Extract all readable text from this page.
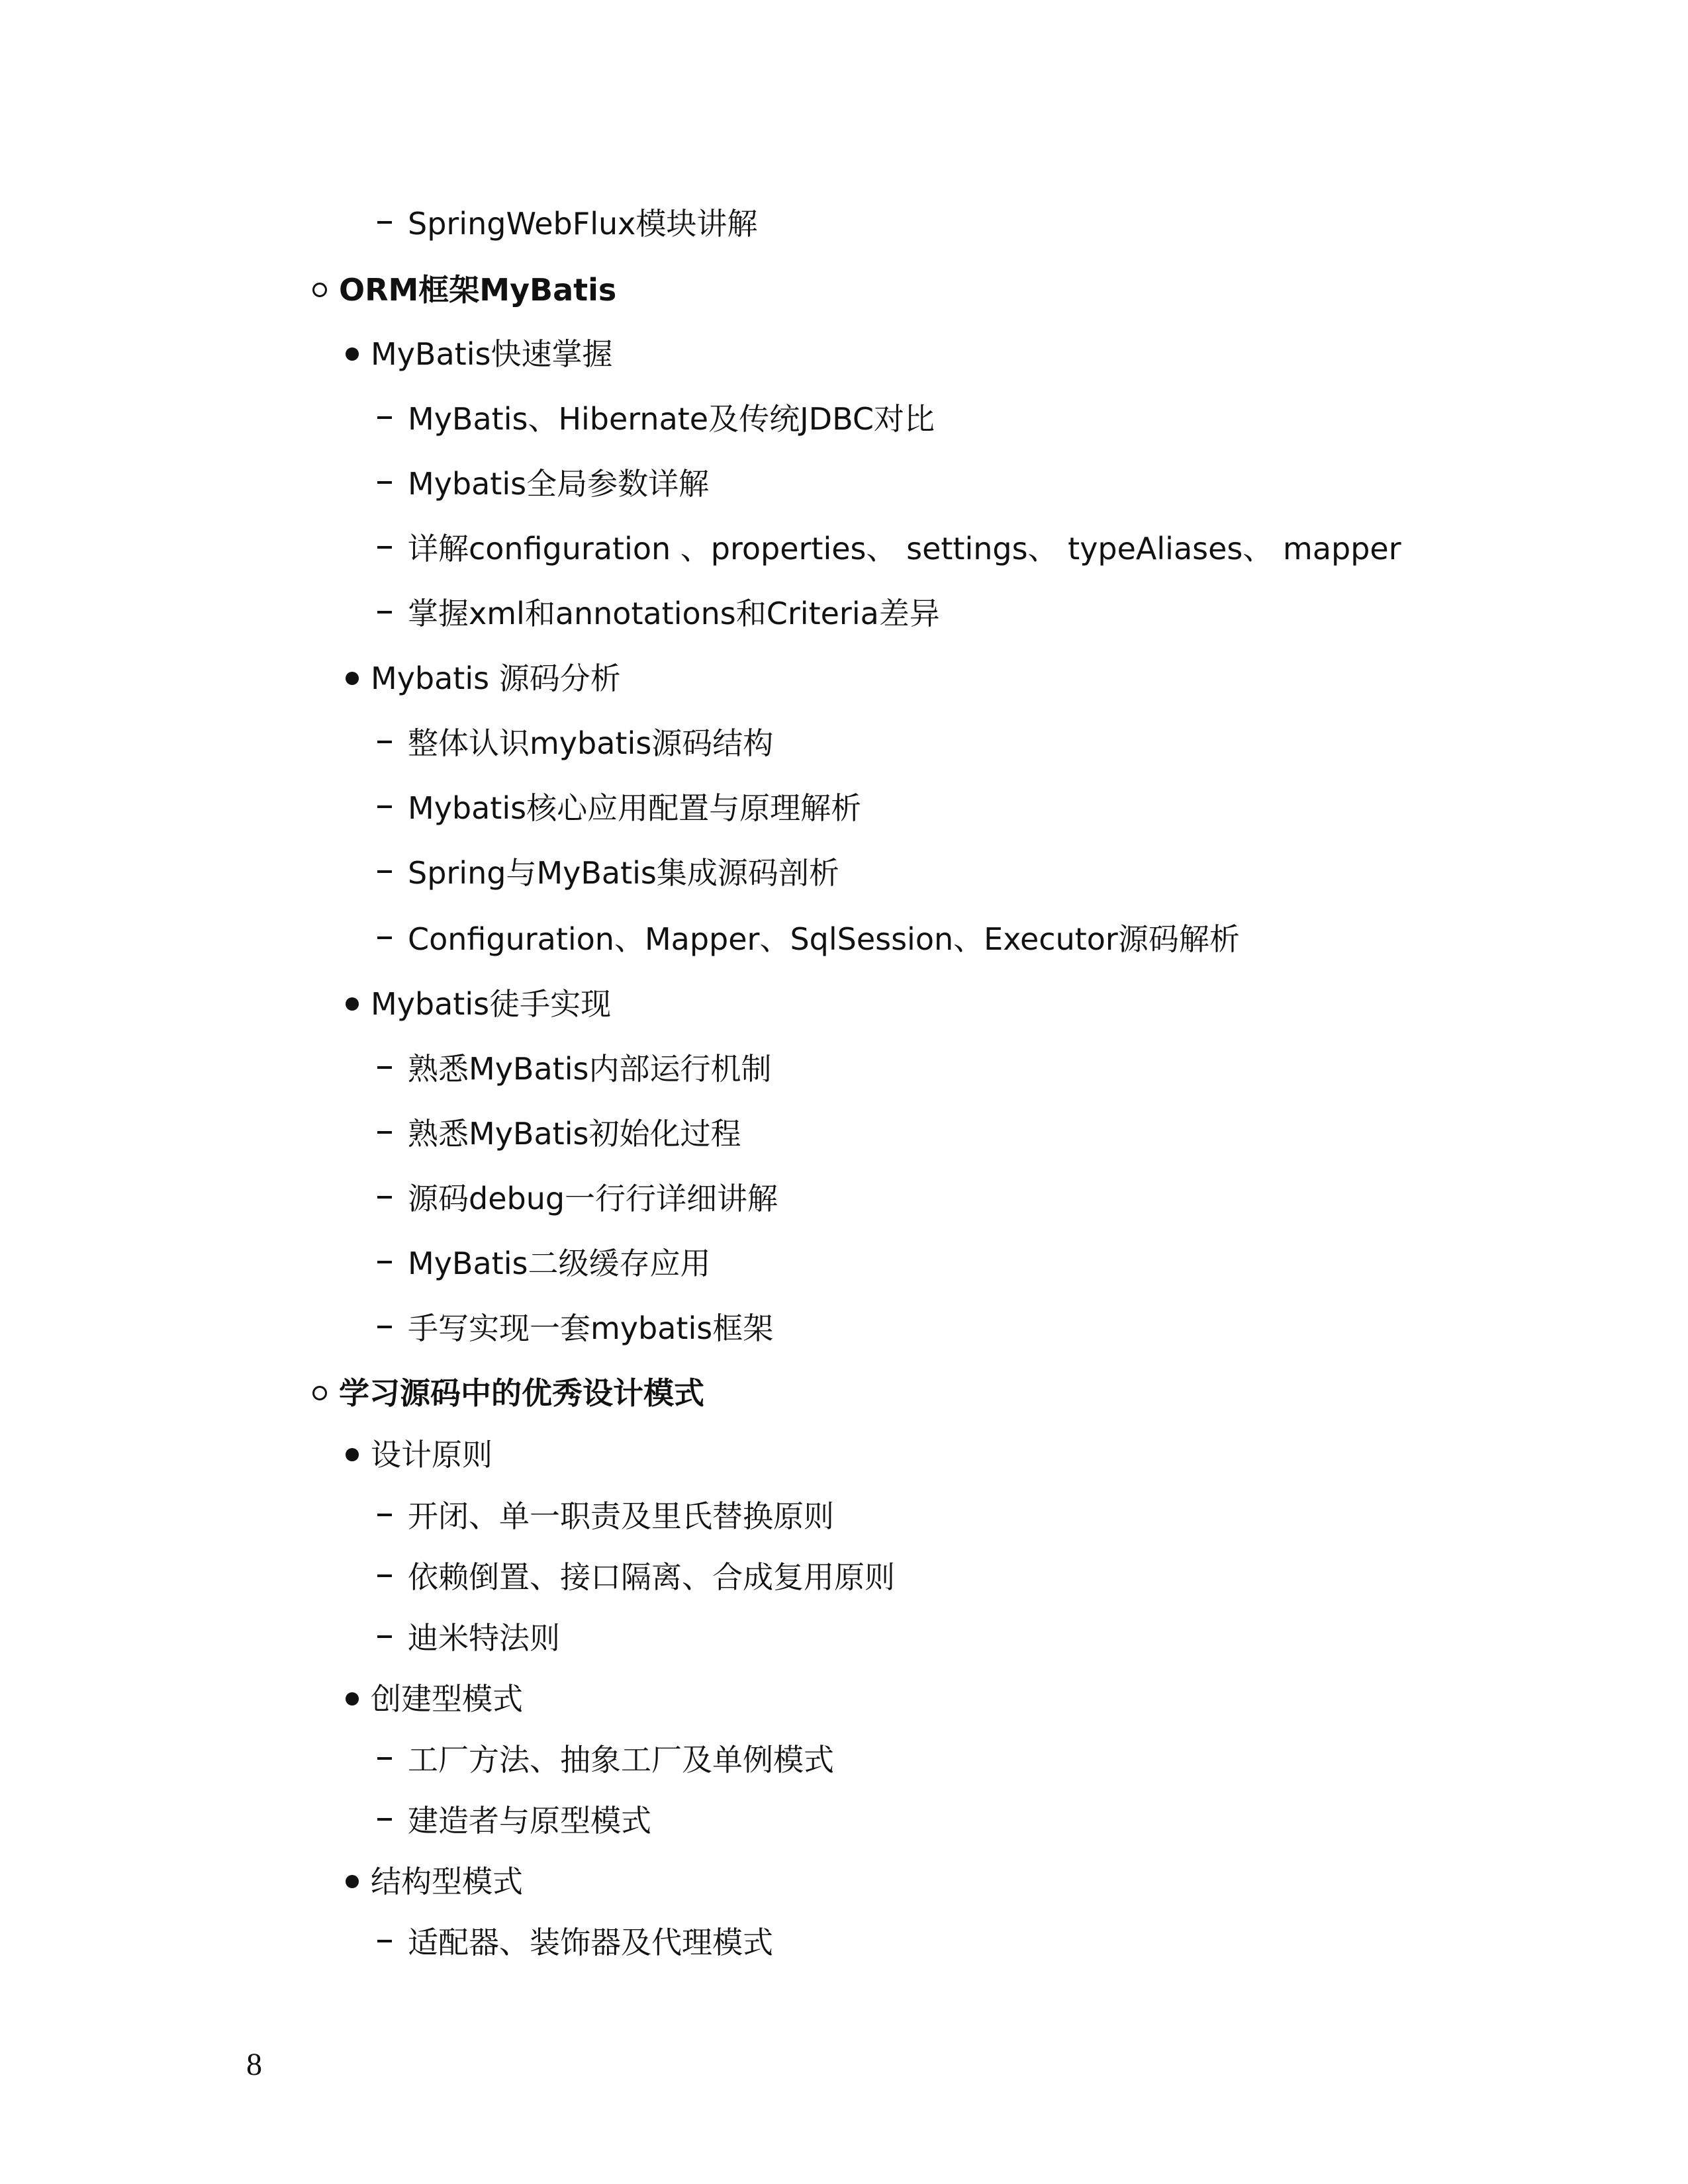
SpringWebFlux模块讲解
ORM框架MyBatis
MyBatis快速掌握
MyBatis、Hibernate及传统JDBC对比
Mybatis全局参数详解
详解configuration 、properties、 settings、 typeAliases、 mapper
掌握xml和annotations和Criteria差异
Mybatis 源码分析
整体认识mybatis源码结构
Mybatis核心应用配置与原理解析
Spring与MyBatis集成源码剖析
Configuration、Mapper、SqlSession、Executor源码解析
Mybatis徒手实现
熟悉MyBatis内部运行机制
熟悉MyBatis初始化过程
源码debug一行行详细讲解
MyBatis二级缓存应用
手写实现一套mybatis框架
学习源码中的优秀设计模式
设计原则
开闭、单一职责及里氏替换原则
依赖倒置、接口隔离、合成复用原则
迪米特法则
创建型模式
工厂方法、抽象工厂及单例模式
建造者与原型模式
结构型模式
适配器、装饰器及代理模式
8
